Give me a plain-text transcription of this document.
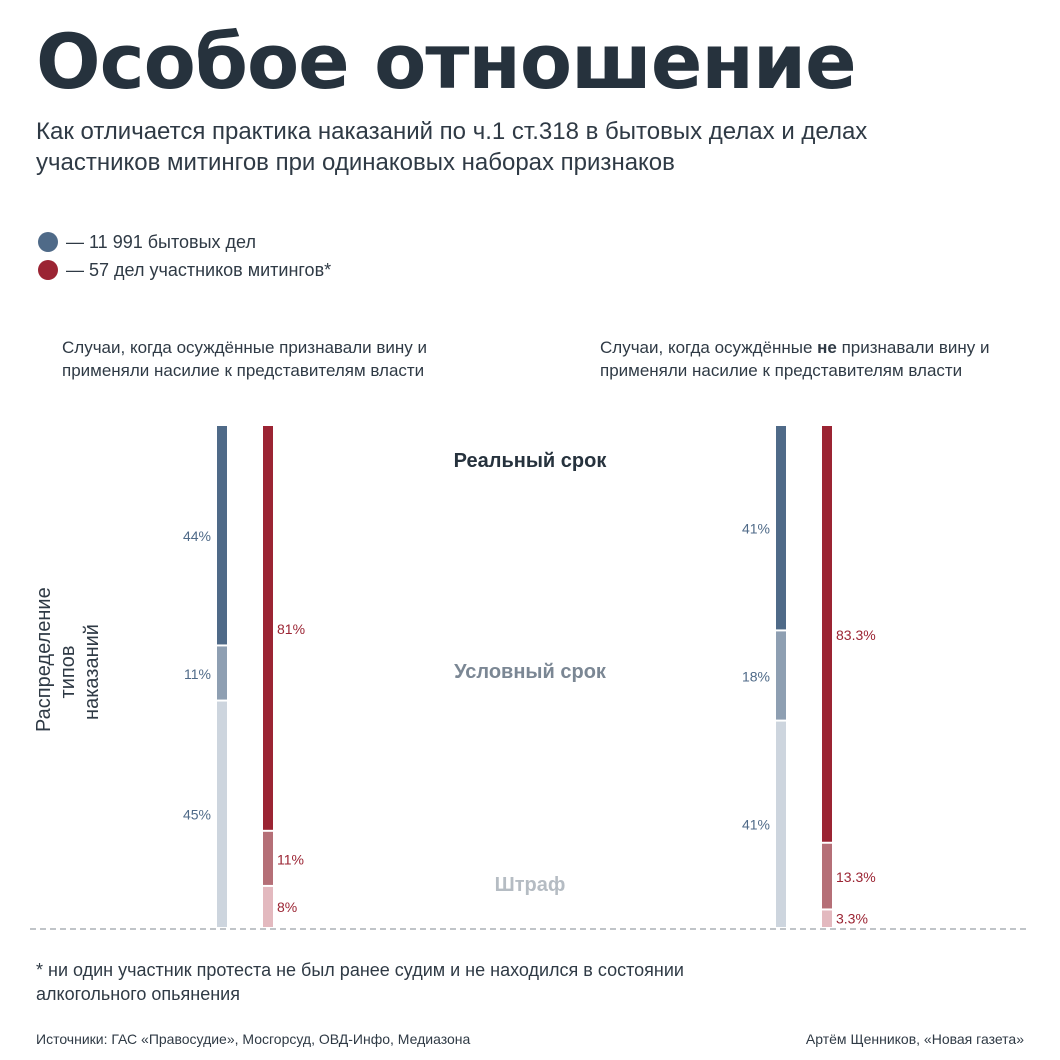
Особое отношение

Как отличается практика наказаний по ч.1 ст.318 в бытовых делах и делах участников митингов при одинаковых наборах признаков

— 11 991 бытовых дел
— 57 дел участников митингов*
Случаи, когда осуждённые признавали вину и применяли насилие к представителям власти
Случаи, когда осуждённые не признавали вину и применяли насилие к представителям власти
Распределение типов наказаний
44%
11%
45%
81%
11%
8%
41%
18%
41%
83.3%
13.3%
3.3%
Реальный срок
Условный срок
Штраф

* ни один участник протеста не был ранее судим и не находился в состоянии алкогольного опьянения

Источники: ГАС «Правосудие», Мосгорсуд, ОВД-Инфо, Медиазона	Артём Щенников, «Новая газета»
